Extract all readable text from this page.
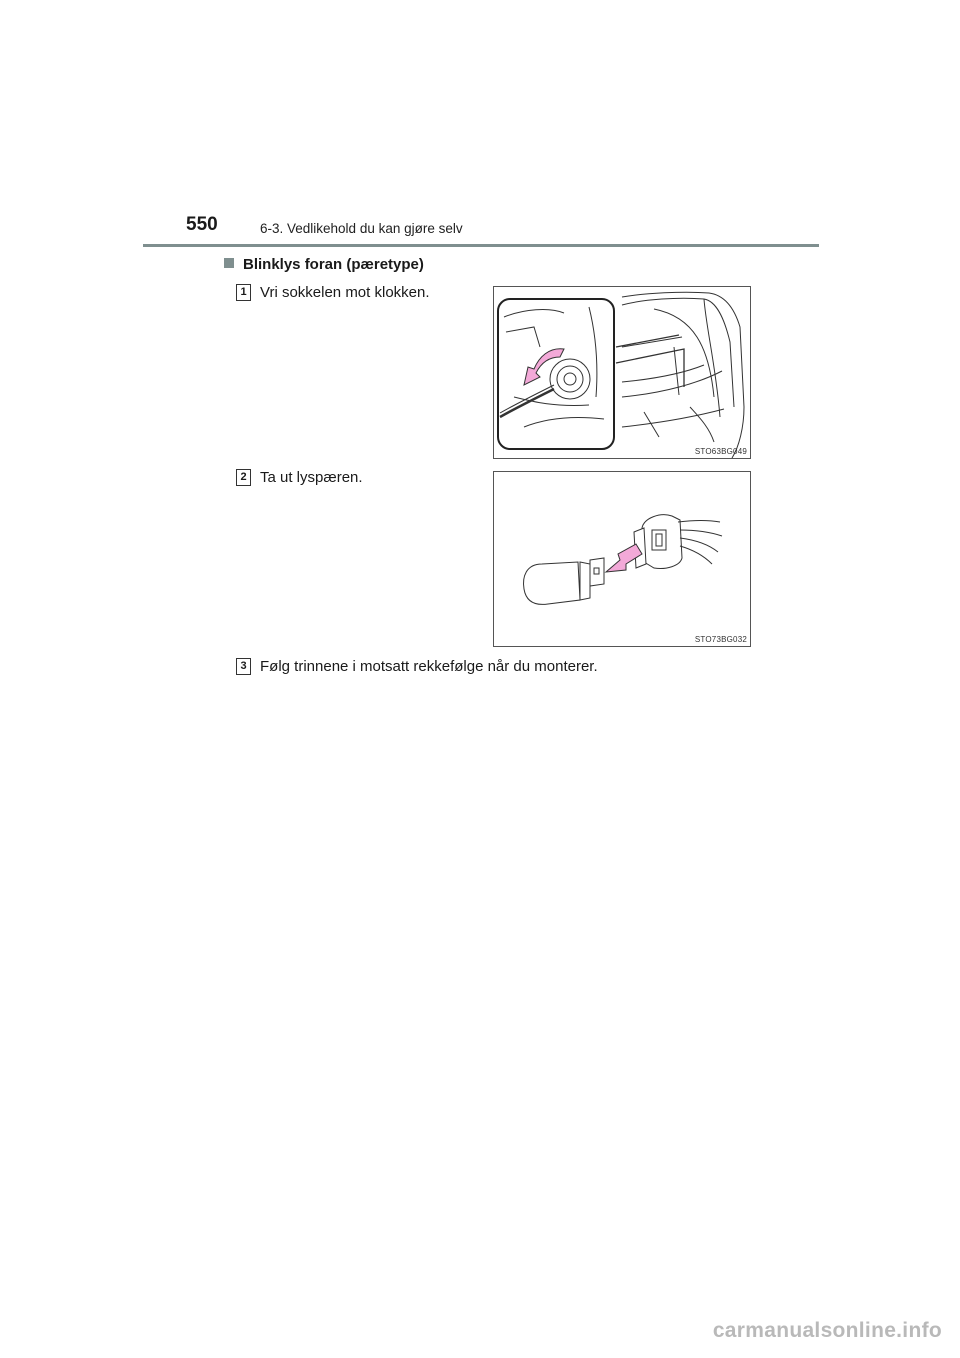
550	6-3. Vedlikehold du kan gjøre selv
Blinklys foran (pæretype)
1 Vri sokkelen mot klokken.
STO63BG049
2 Ta ut lyspæren.
STO73BG032
3 Følg trinnene i motsatt rekkefølge når du monterer.
carmanualsonline.info
